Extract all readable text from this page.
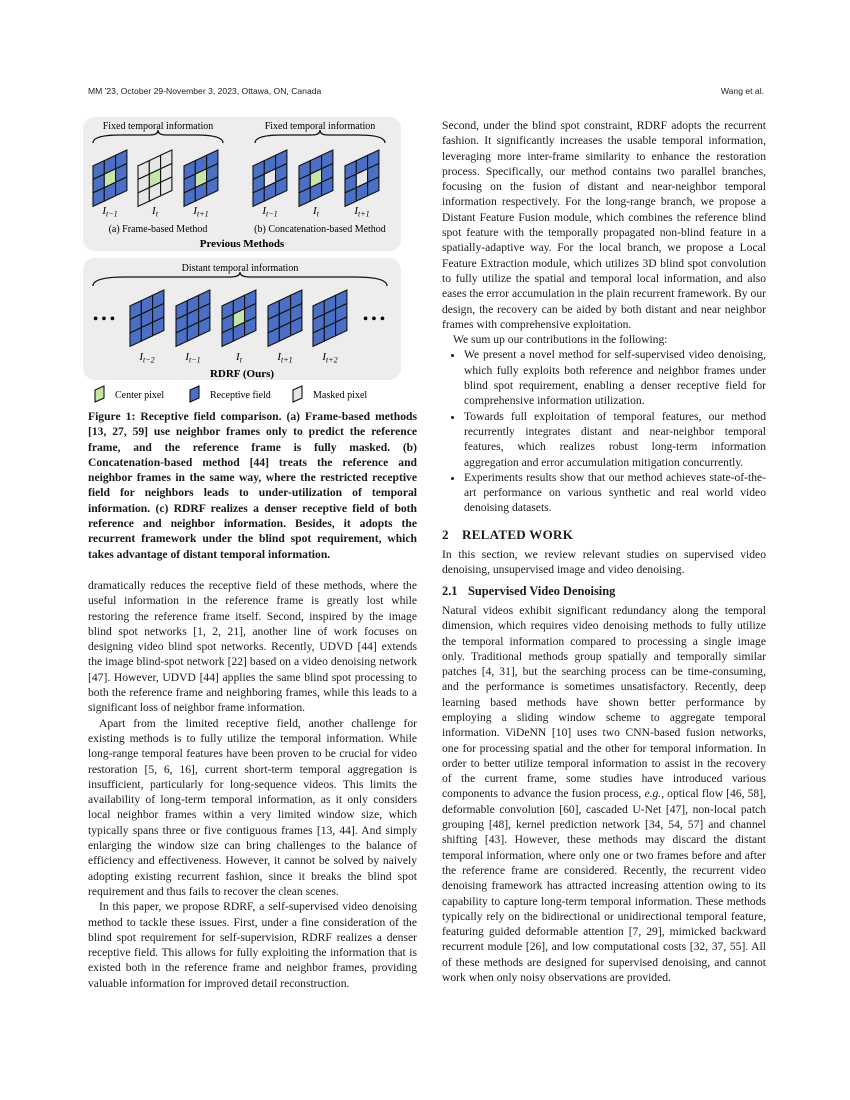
MM '23, October 29-November 3, 2023, Ottawa, ON, Canada	Wang et al.
Fixed temporal information	Fixed temporal information
$I_{t-1}$	$I_t$	$I_{t+1}$	$I_{t-1}$	$I_t$	$I_{t+1}$
$I_{t-2}$	$I_{t-1}$	$I_t$	$I_{t+1}$	$I_{t+2}$
(a) Frame-based Method	(b) Concatenation-based Method
Previous Methods
Distant temporal information
• • •	• • •
RDRF (Ours)
Center pixel	Receptive field	Masked pixel
Figure 1: Receptive field comparison. (a) Frame-based methods [13, 27, 59] use neighbor frames only to predict the reference frame, and the reference frame is fully masked. (b) Concatenation-based method [44] treats the reference and neighbor frames in the same way, where the restricted receptive field for neighbors leads to under-utilization of temporal information. (c) RDRF realizes a denser receptive field of both reference and neighbor information. Besides, it adopts the recurrent framework under the blind spot requirement, which takes advantage of distant temporal information.

dramatically reduces the receptive field of these methods, where the useful information in the reference frame is greatly lost while restoring the reference frame itself. Second, inspired by the image blind spot networks [1, 2, 21], another line of work focuses on designing video blind spot networks. Recently, UDVD [44] extends the image blind-spot network [22] based on a video denoising network [47]. However, UDVD [44] applies the same blind spot processing to both the reference frame and neighboring frames, while this leads to a significant loss of neighbor frame information.

Apart from the limited receptive field, another challenge for existing methods is to fully utilize the temporal information. While long-range temporal features have been proven to be crucial for video restoration [5, 6, 16], current short-term temporal aggregation is insufficient, particularly for long-sequence videos. This limits the availability of long-term temporal information, as it only considers local neighbor frames within a very limited window size, which typically spans three or five contiguous frames [13, 44]. And simply enlarging the window size can bring challenges to the balance of efficiency and effectiveness. However, it cannot be solved by naively adopting existing recurrent fashion, since it breaks the blind spot requirement and thus fails to recover the clean scenes.

In this paper, we propose RDRF, a self-supervised video denoising method to tackle these issues. First, under a fine consideration of the blind spot requirement for self-supervision, RDRF realizes a denser receptive field. This allows for fully exploiting the information that is existed both in the reference frame and neighbor frames, providing valuable information for improved detail reconstruction.

Second, under the blind spot constraint, RDRF adopts the recurrent fashion. It significantly increases the usable temporal information, leveraging more inter-frame similarity to enhance the restoration process. Specifically, our method contains two parallel branches, focusing on the fusion of distant and near-neighbor temporal information respectively. For the long-range branch, we propose a Distant Feature Fusion module, which combines the reference blind spot feature with the temporally propagated non-blind feature in a spatially-adaptive way. For the local branch, we propose a Local Feature Extraction module, which utilizes 3D blind spot convolution to fully utilize the spatial and temporal local information, and also eases the error accumulation in the plain recurrent framework. By our design, the recovery can be aided by both distant and near neighbor frames with comprehensive exploitation.

We sum up our contributions in the following:

• We present a novel method for self-supervised video denoising, which fully exploits both reference and neighbor frames under blind spot requirement, enabling a denser receptive field for comprehensive information utilization.
• Towards full exploitation of temporal features, our method recurrently integrates distant and near-neighbor temporal features, which realizes robust long-term information aggregation and error accumulation mitigation concurrently.
• Experiments results show that our method achieves state-of-the-art performance on various synthetic and real world video denoising datasets.
2 RELATED WORK

In this section, we review relevant studies on supervised video denoising, unsupervised image and video denoising.

2.1 Supervised Video Denoising

Natural videos exhibit significant redundancy along the temporal dimension, which requires video denoising methods to fully utilize the temporal information compared to processing a single image only. Traditional methods group spatially and temporally similar patches [4, 31], but the searching process can be time-consuming, and the performance is sometimes unsatisfactory. Recently, deep learning based methods have shown better performance by employing a sliding window scheme to aggregate temporal information. ViDeNN [10] uses two CNN-based fusion networks, one for processing spatial and the other for temporal information. In order to better utilize temporal information to assist in the recovery of the current frame, some studies have introduced various components to advance the fusion process, e.g., optical flow [46, 58], deformable convolution [60], cascaded U-Net [47], non-local patch grouping [48], kernel prediction network [34, 54, 57] and channel shifting [43]. However, these methods may discard the distant temporal information, where only one or two frames before and after the reference frame are considered. Recently, the recurrent video denoising framework has attracted increasing attention owing to its capability to capture long-term temporal information. These methods typically rely on the bidirectional or unidirectional temporal feature, featuring guided deformable attention [7, 29], mimicked backward recurrent module [26], and low computational costs [32, 37, 55]. All of these methods are designed for supervised denoising, and cannot work when only noisy observations are provided.
